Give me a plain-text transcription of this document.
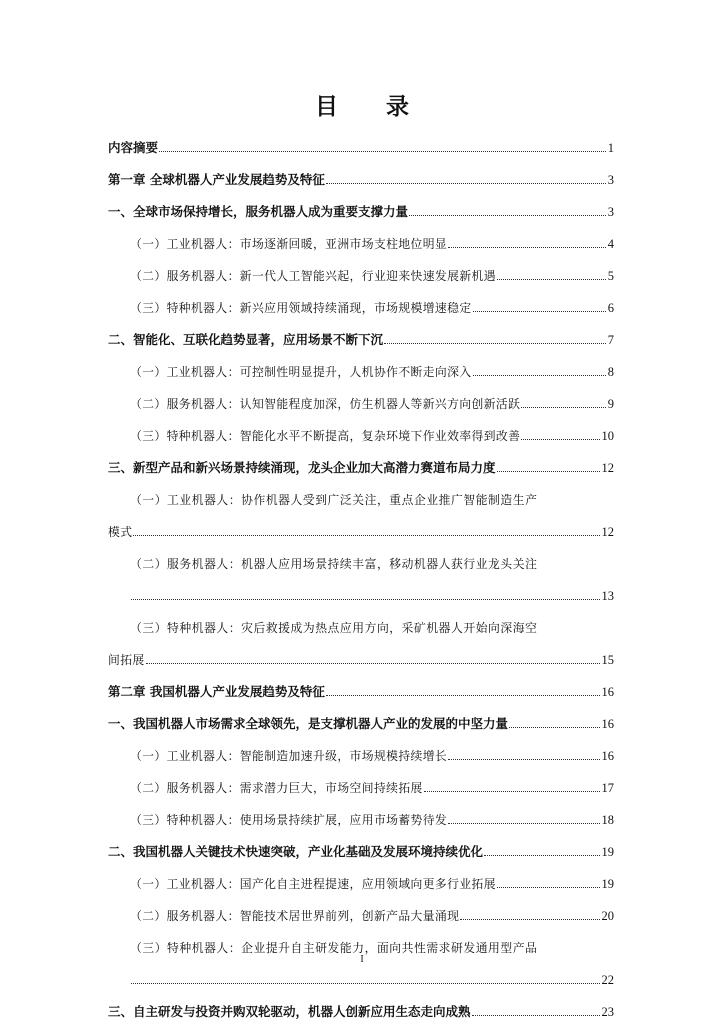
目 录
内容摘要	1
第一章 全球机器人产业发展趋势及特征	3
一、全球市场保持增长，服务机器人成为重要支撑力量	3
（一）工业机器人：市场逐渐回暖，亚洲市场支柱地位明显	4
（二）服务机器人：新一代人工智能兴起，行业迎来快速发展新机遇	5
（三）特种机器人：新兴应用领域持续涌现，市场规模增速稳定	6
二、智能化、互联化趋势显著，应用场景不断下沉	7
（一）工业机器人：可控制性明显提升，人机协作不断走向深入	8
（二）服务机器人：认知智能程度加深，仿生机器人等新兴方向创新活跃	9
（三）特种机器人：智能化水平不断提高，复杂环境下作业效率得到改善	10
三、新型产品和新兴场景持续涌现，龙头企业加大高潜力赛道布局力度	12
（一）工业机器人：协作机器人受到广泛关注，重点企业推广智能制造生产
模式	12
（二）服务机器人：机器人应用场景持续丰富，移动机器人获行业龙头关注
13
（三）特种机器人：灾后救援成为热点应用方向，采矿机器人开始向深海空
间拓展	15
第二章 我国机器人产业发展趋势及特征	16
一、我国机器人市场需求全球领先，是支撑机器人产业的发展的中坚力量	16
（一）工业机器人：智能制造加速升级，市场规模持续增长	16
（二）服务机器人：需求潜力巨大，市场空间持续拓展	17
（三）特种机器人：使用场景持续扩展，应用市场蓄势待发	18
二、我国机器人关键技术快速突破，产业化基础及发展环境持续优化	19
（一）工业机器人：国产化自主进程提速，应用领域向更多行业拓展	19
（二）服务机器人：智能技术居世界前列，创新产品大量涌现	20
（三）特种机器人：企业提升自主研发能力，面向共性需求研发通用型产品
22
三、自主研发与投资并购双轮驱动，机器人创新应用生态走向成熟	23
I
